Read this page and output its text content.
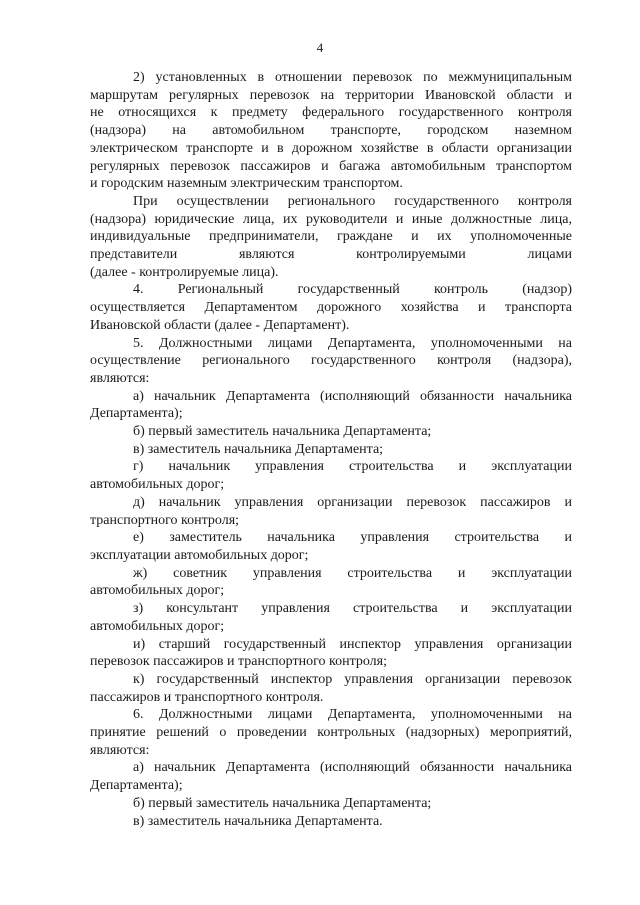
4

2) установленных в отношении перевозок по межмуниципальным
маршрутам регулярных перевозок на территории Ивановской области и
не относящихся к предмету федерального государственного контроля
(надзора) на автомобильном транспорте, городском наземном
электрическом транспорте и в дорожном хозяйстве в области организации
регулярных перевозок пассажиров и багажа автомобильным транспортом
и городским наземным электрическим транспортом.

При осуществлении регионального государственного контроля
(надзора) юридические лица, их руководители и иные должностные лица,
индивидуальные предприниматели, граждане и их уполномоченные
представители являются контролируемыми лицами
(далее - контролируемые лица).

4. Региональный государственный контроль (надзор)
осуществляется Департаментом дорожного хозяйства и транспорта
Ивановской области (далее - Департамент).

5. Должностными лицами Департамента, уполномоченными на
осуществление регионального государственного контроля (надзора),
являются:

а) начальник Департамента (исполняющий обязанности начальника
Департамента);

б) первый заместитель начальника Департамента;

в) заместитель начальника Департамента;

г) начальник управления строительства и эксплуатации
автомобильных дорог;

д) начальник управления организации перевозок пассажиров и
транспортного контроля;

е) заместитель начальника управления строительства и
эксплуатации автомобильных дорог;

ж) советник управления строительства и эксплуатации
автомобильных дорог;

з) консультант управления строительства и эксплуатации
автомобильных дорог;

и) старший государственный инспектор управления организации
перевозок пассажиров и транспортного контроля;

к) государственный инспектор управления организации перевозок
пассажиров и транспортного контроля.

6. Должностными лицами Департамента, уполномоченными на
принятие решений о проведении контрольных (надзорных) мероприятий,
являются:

а) начальник Департамента (исполняющий обязанности начальника
Департамента);

б) первый заместитель начальника Департамента;

в) заместитель начальника Департамента.
